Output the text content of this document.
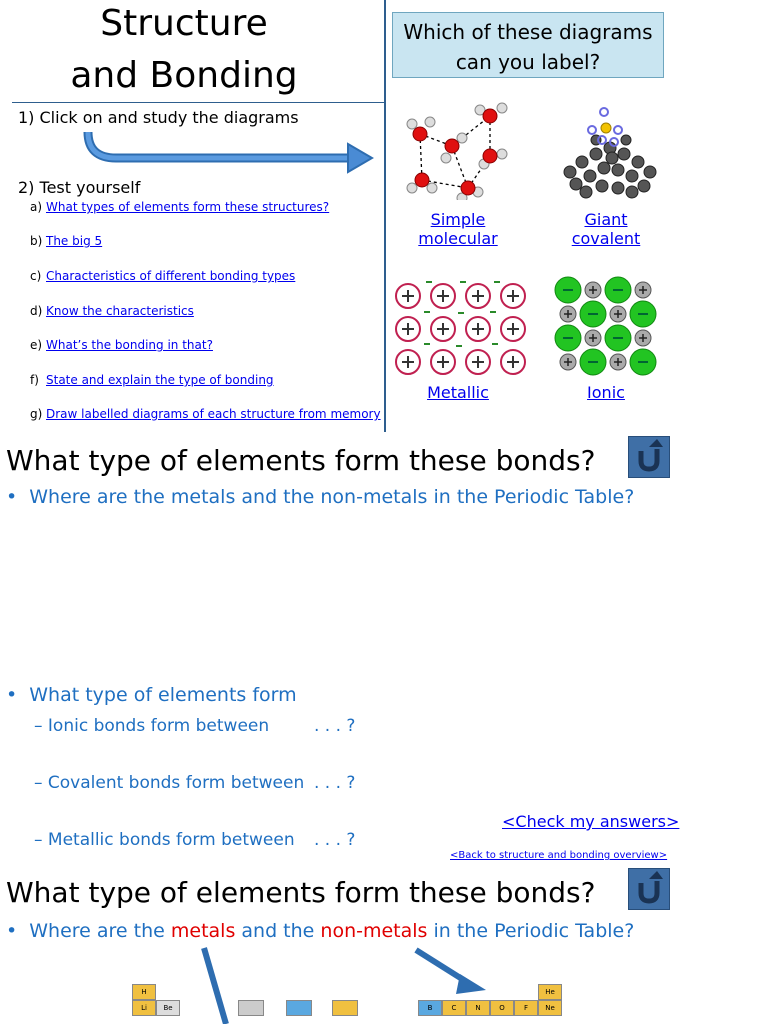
Structure
and Bonding
1) Click on and study the diagrams
2) Test yourself
a) What types of elements form these structures?
b) The big 5
c) Characteristics of different bonding types
d) Know the characteristics
e) What’s the bonding in that?
f) State and explain the type of bonding
g) Draw labelled diagrams of each structure from memory
Which of these diagrams
can you label?
Simple molecular
Giant covalent
Metallic	Ionic
What type of elements form these bonds?
• Where are the metals and the non-metals in the Periodic Table?
• What type of elements form
– Ionic bonds form between	. . . ?
– Covalent bonds form between . . . ?
– Metallic bonds form between . . . ?
<Check my answers>
<Back to structure and bonding overview>
What type of elements form these bonds?
• Where are the metals and the non-metals in the Periodic Table?
H
Li	Be
He
B	C	N	O	F	Ne
